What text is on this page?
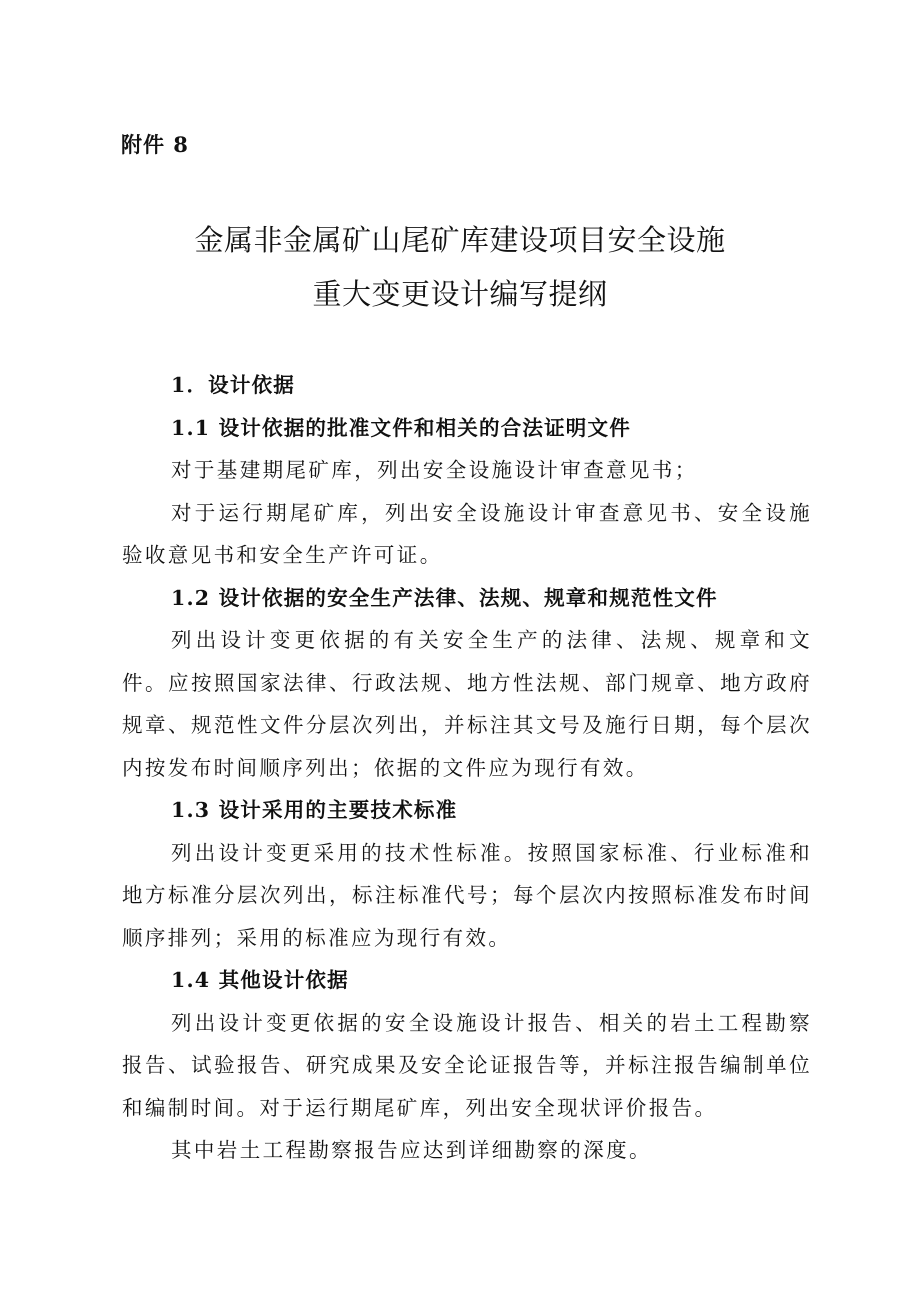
附件 8
金属非金属矿山尾矿库建设项目安全设施
重大变更设计编写提纲

1．设计依据

1.1 设计依据的批准文件和相关的合法证明文件

对于基建期尾矿库，列出安全设施设计审查意见书；

对于运行期尾矿库，列出安全设施设计审查意见书、安全设施验收意见书和安全生产许可证。

1.2 设计依据的安全生产法律、法规、规章和规范性文件

列出设计变更依据的有关安全生产的法律、法规、规章和文件。应按照国家法律、行政法规、地方性法规、部门规章、地方政府规章、规范性文件分层次列出，并标注其文号及施行日期，每个层次内按发布时间顺序列出；依据的文件应为现行有效。

1.3 设计采用的主要技术标准

列出设计变更采用的技术性标准。按照国家标准、行业标准和地方标准分层次列出，标注标准代号；每个层次内按照标准发布时间顺序排列；采用的标准应为现行有效。

1.4 其他设计依据

列出设计变更依据的安全设施设计报告、相关的岩土工程勘察报告、试验报告、研究成果及安全论证报告等，并标注报告编制单位和编制时间。对于运行期尾矿库，列出安全现状评价报告。

其中岩土工程勘察报告应达到详细勘察的深度。
